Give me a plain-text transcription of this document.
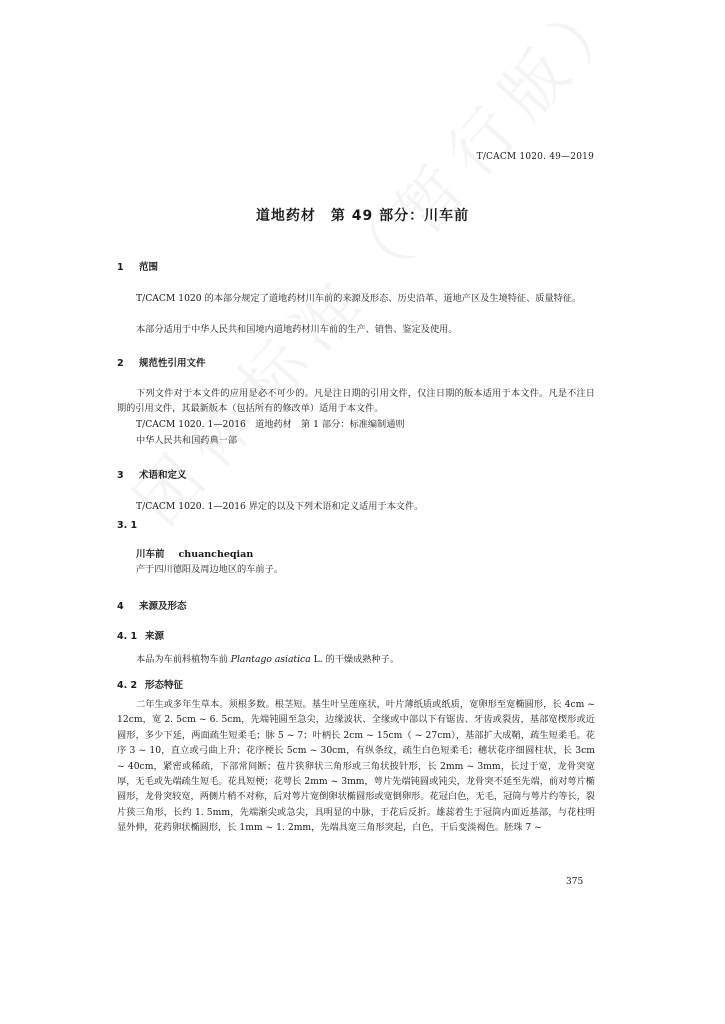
T/CACM 1020. 49—2019

道地药材　第 49 部分：川车前
1 范围

T/CACM 1020 的本部分规定了道地药材川车前的来源及形态、历史沿革、道地产区及生境特征、质量特征。

本部分适用于中华人民共和国境内道地药材川车前的生产、销售、鉴定及使用。

2 规范性引用文件

下列文件对于本文件的应用是必不可少的。凡是注日期的引用文件，仅注日期的版本适用于本文件。凡是不注日期的引用文件，其最新版本（包括所有的修改单）适用于本文件。

T/CACM 1020. 1—2016　道地药材　第 1 部分：标准编制通则

中华人民共和国药典一部

3 术语和定义

T/CACM 1020. 1—2016 界定的以及下列术语和定义适用于本文件。

3. 1
川车前 chuancheqian

产于四川德阳及周边地区的车前子。

4 来源及形态
4. 1 来源

本品为车前科植物车前 Plantago asiatica L. 的干燥成熟种子。

4. 2 形态特征

二年生或多年生草本。须根多数。根茎短。基生叶呈莲座状，叶片薄纸质或纸质，宽卵形至宽椭圆形，长 4cm ~ 12cm，宽 2. 5cm ~ 6. 5cm，先端钝圆至急尖，边缘波状、全缘或中部以下有锯齿、牙齿或裂齿，基部宽楔形或近圆形，多少下延，两面疏生短柔毛；脉 5 ~ 7；叶柄长 2cm ~ 15cm（ ~ 27cm），基部扩大成鞘，疏生短柔毛。花序 3 ~ 10，直立或弓曲上升；花序梗长 5cm ~ 30cm，有纵条纹，疏生白色短柔毛；穗状花序细圆柱状，长 3cm ~ 40cm，紧密或稀疏，下部常间断；苞片狭卵状三角形或三角状披针形，长 2mm ~ 3mm，长过于宽，龙骨突宽厚，无毛或先端疏生短毛。花具短梗；花萼长 2mm ~ 3mm，萼片先端钝圆或钝尖，龙骨突不延至先端，前对萼片椭圆形，龙骨突较宽，两侧片稍不对称，后对萼片宽倒卵状椭圆形或宽倒卵形。花冠白色，无毛，冠筒与萼片约等长，裂片狭三角形，长约 1. 5mm，先端渐尖或急尖，具明显的中脉，于花后反折。雄蕊着生于冠筒内面近基部，与花柱明显外伸，花药卵状椭圆形，长 1mm ~ 1. 2mm，先端具宽三角形突起，白色，干后变淡褐色。胚珠 7 ~

375
